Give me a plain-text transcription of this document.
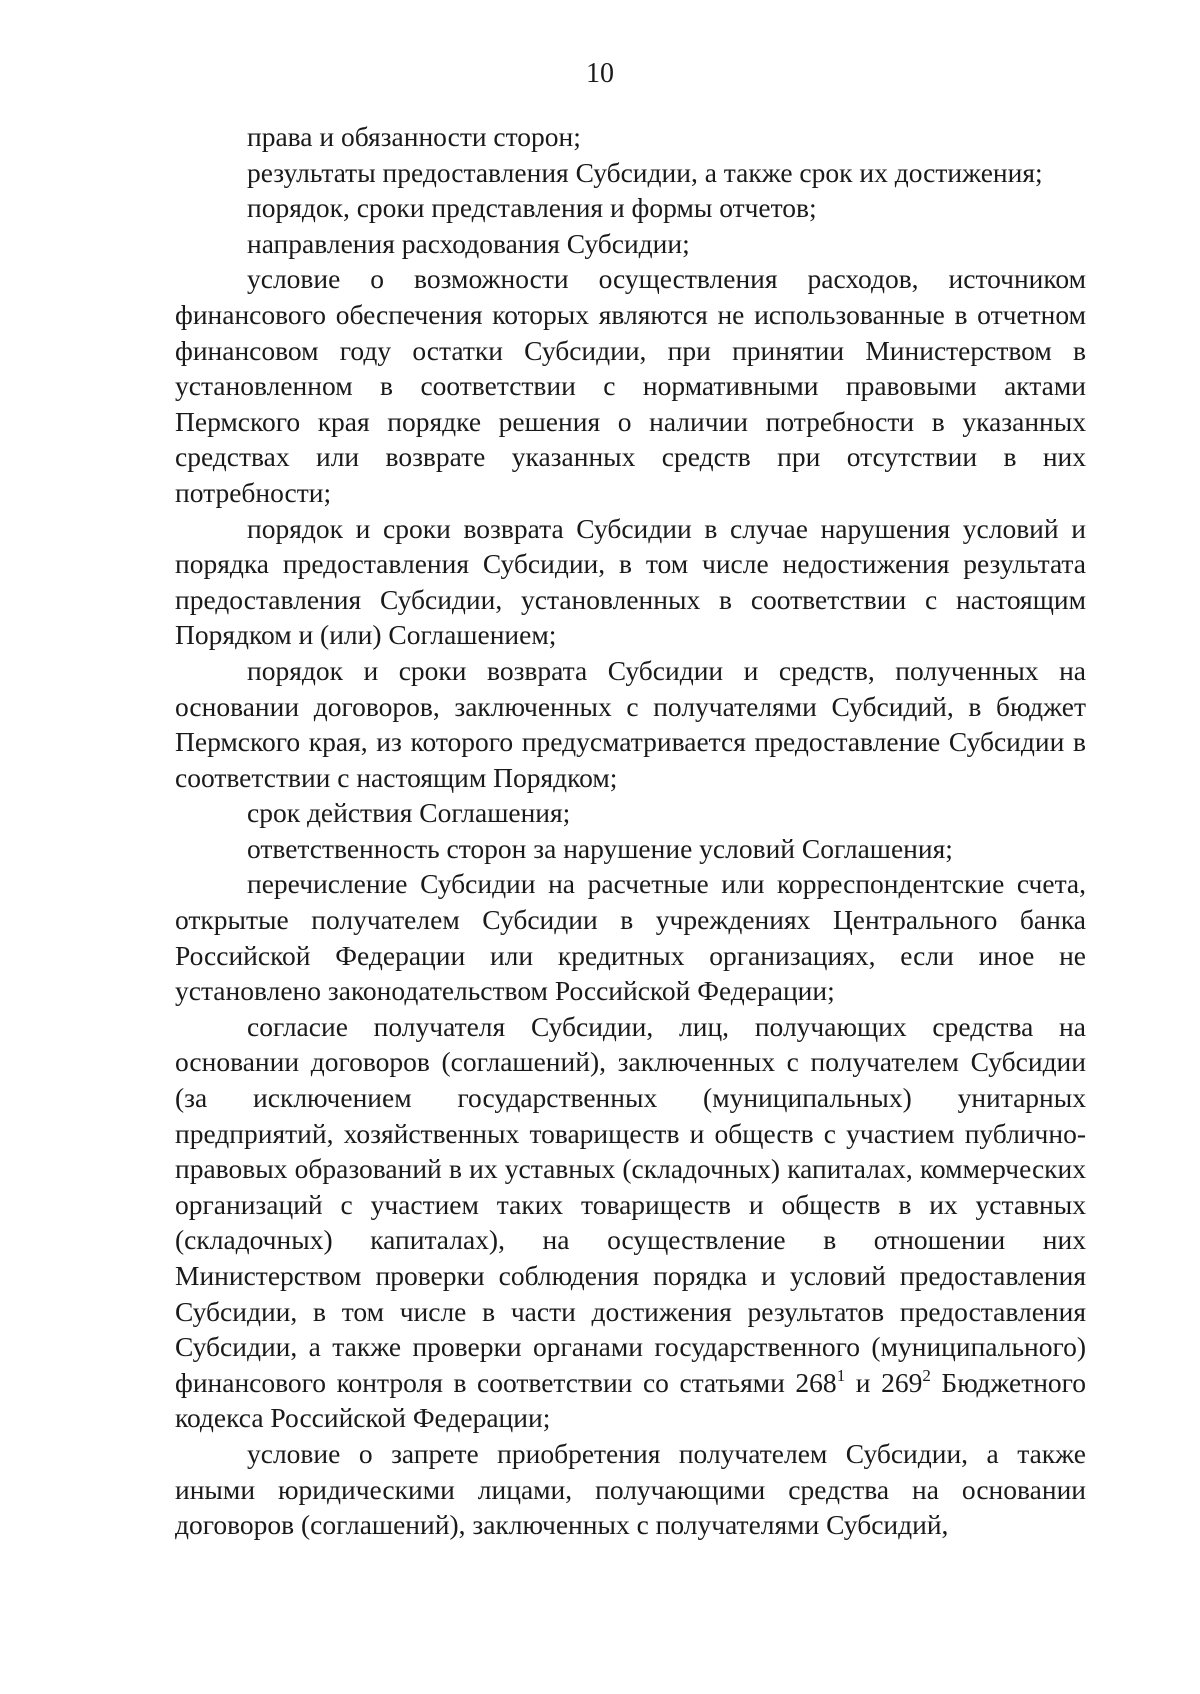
10

права и обязанности сторон;

результаты предоставления Субсидии, а также срок их достижения;

порядок, сроки представления и формы отчетов;

направления расходования Субсидии;

условие о возможности осуществления расходов, источником финансового обеспечения которых являются не использованные в отчетном финансовом году остатки Субсидии, при принятии Министерством в установленном в соответствии с нормативными правовыми актами Пермского края порядке решения о наличии потребности в указанных средствах или возврате указанных средств при отсутствии в них потребности;

порядок и сроки возврата Субсидии в случае нарушения условий и порядка предоставления Субсидии, в том числе недостижения результата предоставления Субсидии, установленных в соответствии с настоящим Порядком и (или) Соглашением;

порядок и сроки возврата Субсидии и средств, полученных на основании договоров, заключенных с получателями Субсидий, в бюджет Пермского края, из которого предусматривается предоставление Субсидии в соответствии с настоящим Порядком;

срок действия Соглашения;

ответственность сторон за нарушение условий Соглашения;

перечисление Субсидии на расчетные или корреспондентские счета, открытые получателем Субсидии в учреждениях Центрального банка Российской Федерации или кредитных организациях, если иное не установлено законодательством Российской Федерации;

согласие получателя Субсидии, лиц, получающих средства на основании договоров (соглашений), заключенных с получателем Субсидии (за исключением государственных (муниципальных) унитарных предприятий, хозяйственных товариществ и обществ с участием публично-правовых образований в их уставных (складочных) капиталах, коммерческих организаций с участием таких товариществ и обществ в их уставных (складочных) капиталах), на осуществление в отношении них Министерством проверки соблюдения порядка и условий предоставления Субсидии, в том числе в части достижения результатов предоставления Субсидии, а также проверки органами государственного (муниципального) финансового контроля в соответствии со статьями $268^1$ и $269^2$ Бюджетного кодекса Российской Федерации;

условие о запрете приобретения получателем Субсидии, а также иными юридическими лицами, получающими средства на основании договоров (соглашений), заключенных с получателями Субсидий,
